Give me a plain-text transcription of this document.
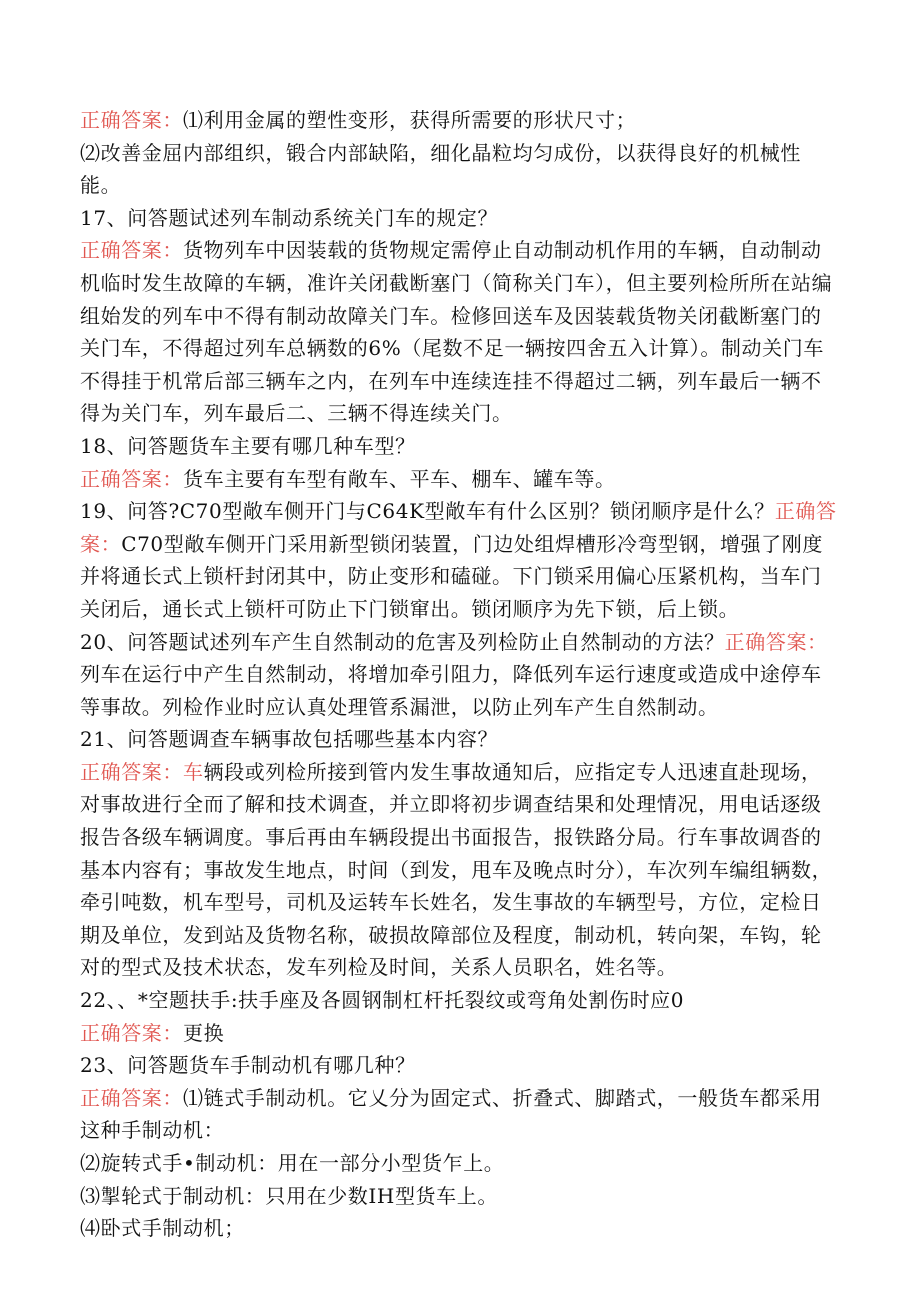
正确答案：⑴利用金属的塑性变形，获得所需要的形状尺寸；

⑵改善金屈内部组织，锻合内部缺陷，细化晶粒均匀成份，以获得良好的机械性能。

17、问答题试述列车制动系统关门车的规定？

正确答案：货物列车中因装载的货物规定需停止自动制动机作用的车辆，自动制动机临时发生故障的车辆，准许关闭截断塞门（简称关门车），但主要列检所所在站编组始发的列车中不得有制动故障关门车。检修回送车及因装载货物关闭截断塞门的关门车，不得超过列车总辆数的6%（尾数不足一辆按四舍五入计算）。制动关门车不得挂于机常后部三辆车之内，在列车中连续连挂不得超过二辆，列车最后一辆不得为关门车，列车最后二、三辆不得连续关门。

18、问答题货车主要有哪几种车型？

正确答案：货车主要有车型有敞车、平车、棚车、罐车等。

19、问答?C70型敞车侧开门与C64K型敞车有什么区别？锁闭顺序是什么？正确答案：C70型敞车侧开门采用新型锁闭装置，门边处组焊槽形冷弯型钢，增强了刚度并将通长式上锁杆封闭其中，防止变形和磕碰。下门锁采用偏心压紧机构，当车门关闭后，通长式上锁杆可防止下门锁窜出。锁闭顺序为先下锁，后上锁。

20、问答题试述列车产生自然制动的危害及列检防止自然制动的方法？正确答案：列车在运行中产生自然制动，将增加牵引阻力，降低列车运行速度或造成中途停车等事故。列检作业时应认真处理管系漏泄，以防止列车产生自然制动。

21、问答题调查车辆事故包括哪些基本内容？

正确答案：车辆段或列检所接到管内发生事故通知后，应指定专人迅速直赴现场，对事故进行全而了解和技术调查，并立即将初步调查结果和处理情况，用电话逐级报告各级车辆调度。事后再由车辆段提出书面报告，报铁路分局。行车事故调沓的基本内容有；事故发生地点，时间（到发，甩车及晚点时分），车次列车编组辆数，牵引吨数，机车型号，司机及运转车长姓名，发生事故的车辆型号，方位，定检日期及单位，发到站及货物名称，破损故障部位及程度，制动机，转向架，车钩，轮对的型式及技术状态，发车列检及时间，关系人员职名，姓名等。

22、、*空题扶手:扶手座及各圆钢制杠杆托裂纹或弯角处割伤时应0

正确答案：更换

23、问答题货车手制动机有哪几种？

正确答案：⑴链式手制动机。它乂分为固定式、折叠式、脚踏式，一般货车都采用这种手制动机：

⑵旋转式手•制动机：用在一部分小型货乍上。

⑶掣轮式于制动机：只用在少数IH型货车上。

⑷卧式手制动机；
